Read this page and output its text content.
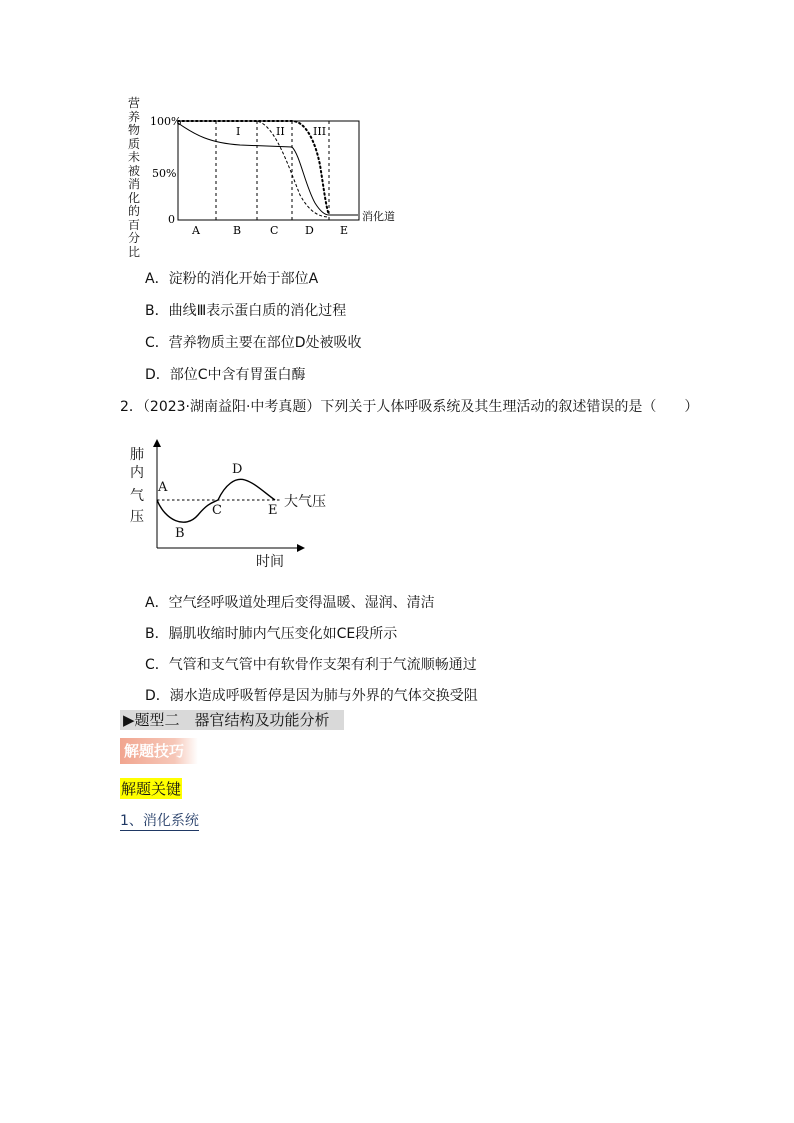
营养物质未被消化的百分比
100%
50%
0
I	II	III
A	B	C D E
消化道
A．淀粉的消化开始于部位A
B．曲线Ⅲ表示蛋白质的消化过程
C．营养物质主要在部位D处被吸收
D．部位C中含有胃蛋白酶
2．（2023·湖南益阳·中考真题）下列关于人体呼吸系统及其生理活动的叙述错误的是（　　）
肺
内
气
压
A
B
C
D
E
大气压
时间
A．空气经呼吸道处理后变得温暖、湿润、清洁
B．膈肌收缩时肺内气压变化如CE段所示
C．气管和支气管中有软骨作支架有利于气流顺畅通过
D．溺水造成呼吸暂停是因为肺与外界的气体交换受阻
▶题型二　器官结构及功能分析
解题技巧
解题关键
1、消化系统
